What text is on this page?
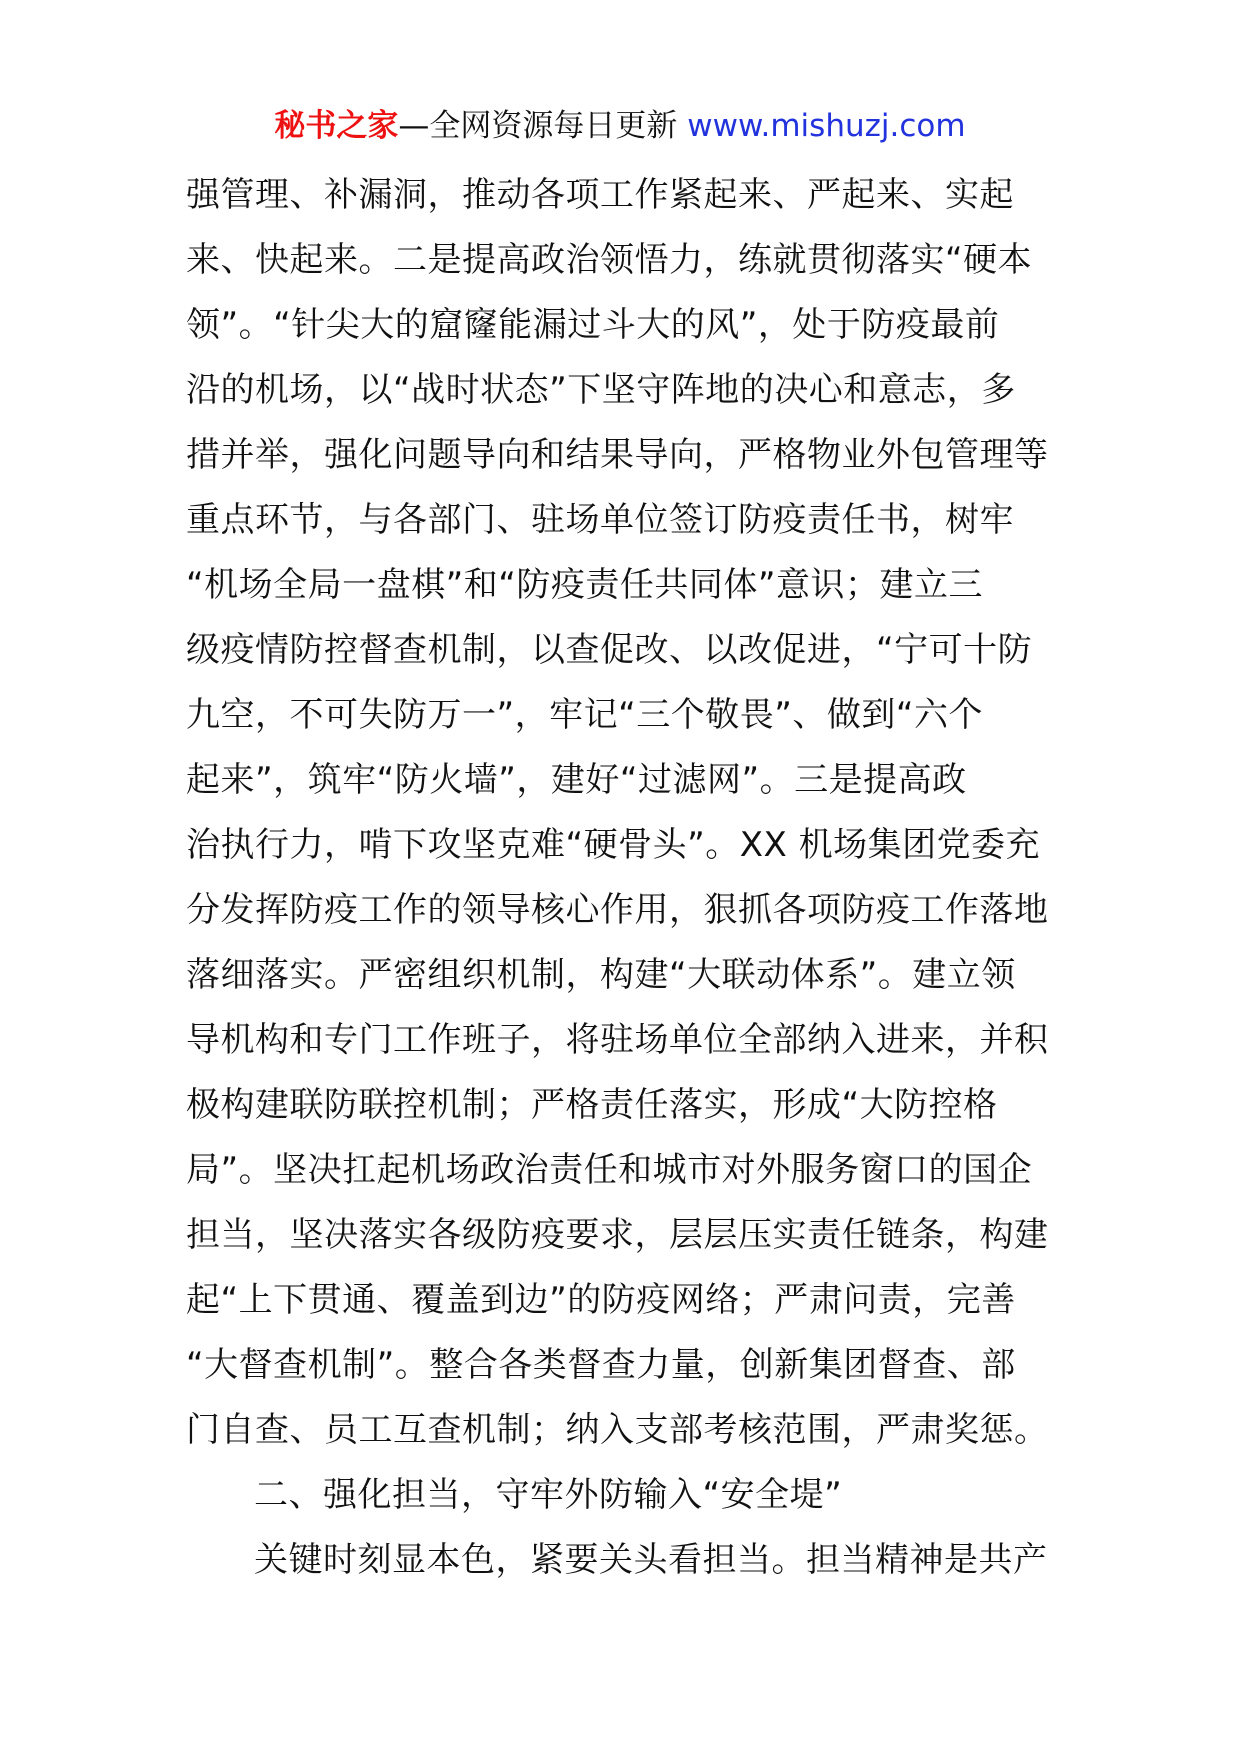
秘书之家—全网资源每日更新 www.mishuzj.com
强管理、补漏洞，推动各项工作紧起来、严起来、实起
来、快起来。二是提高政治领悟力，练就贯彻落实“硬本
领”。“针尖大的窟窿能漏过斗大的风”，处于防疫最前
沿的机场，以“战时状态”下坚守阵地的决心和意志，多
措并举，强化问题导向和结果导向，严格物业外包管理等
重点环节，与各部门、驻场单位签订防疫责任书，树牢
“机场全局一盘棋”和“防疫责任共同体”意识；建立三
级疫情防控督查机制，以查促改、以改促进，“宁可十防
九空，不可失防万一”，牢记“三个敬畏”、做到“六个
起来”，筑牢“防火墙”，建好“过滤网”。三是提高政
治执行力，啃下攻坚克难“硬骨头”。XX 机场集团党委充
分发挥防疫工作的领导核心作用，狠抓各项防疫工作落地
落细落实。严密组织机制，构建“大联动体系”。建立领
导机构和专门工作班子，将驻场单位全部纳入进来，并积
极构建联防联控机制；严格责任落实，形成“大防控格
局”。坚决扛起机场政治责任和城市对外服务窗口的国企
担当，坚决落实各级防疫要求，层层压实责任链条，构建
起“上下贯通、覆盖到边”的防疫网络；严肃问责，完善
“大督查机制”。整合各类督查力量，创新集团督查、部
门自查、员工互查机制；纳入支部考核范围，严肃奖惩。
二、强化担当，守牢外防输入“安全堤”
关键时刻显本色，紧要关头看担当。担当精神是共产
